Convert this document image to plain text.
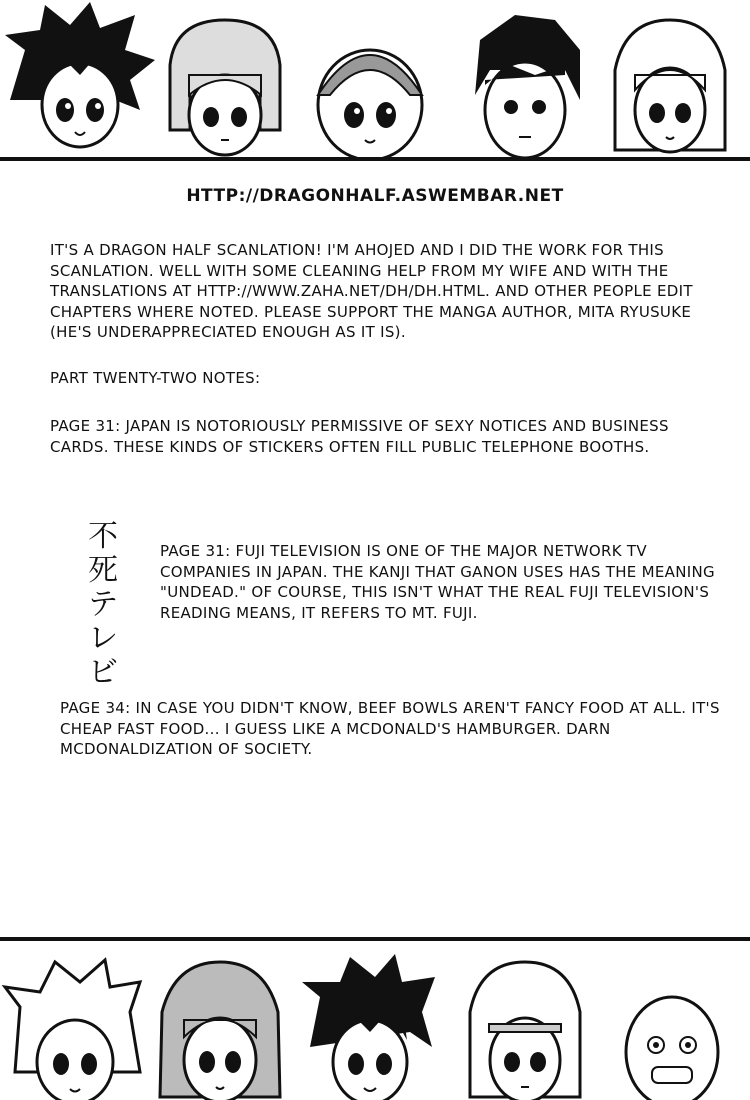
HTTP://DRAGONHALF.ASWEMBAR.NET
IT'S A DRAGON HALF SCANLATION! I'M AHOJED AND I DID THE WORK FOR THIS SCANLATION. WELL WITH SOME CLEANING HELP FROM MY WIFE AND WITH THE TRANSLATIONS AT HTTP://WWW.ZAHA.NET/DH/DH.HTML. AND OTHER PEOPLE EDIT CHAPTERS WHERE NOTED. PLEASE SUPPORT THE MANGA AUTHOR, MITA RYUSUKE (HE'S UNDERAPPRECIATED ENOUGH AS IT IS).
PART TWENTY-TWO NOTES:
PAGE 31: JAPAN IS NOTORIOUSLY PERMISSIVE OF SEXY NOTICES AND BUSINESS CARDS. THESE KINDS OF STICKERS OFTEN FILL PUBLIC TELEPHONE BOOTHS.
不死テレビ
PAGE 31: FUJI TELEVISION IS ONE OF THE MAJOR NETWORK TV COMPANIES IN JAPAN. THE KANJI THAT GANON USES HAS THE MEANING "UNDEAD." OF COURSE, THIS ISN'T WHAT THE REAL FUJI TELEVISION'S READING MEANS, IT REFERS TO MT. FUJI.
PAGE 34: IN CASE YOU DIDN'T KNOW, BEEF BOWLS AREN'T FANCY FOOD AT ALL. IT'S CHEAP FAST FOOD... I GUESS LIKE A MCDONALD'S HAMBURGER. DARN MCDONALDIZATION OF SOCIETY.
